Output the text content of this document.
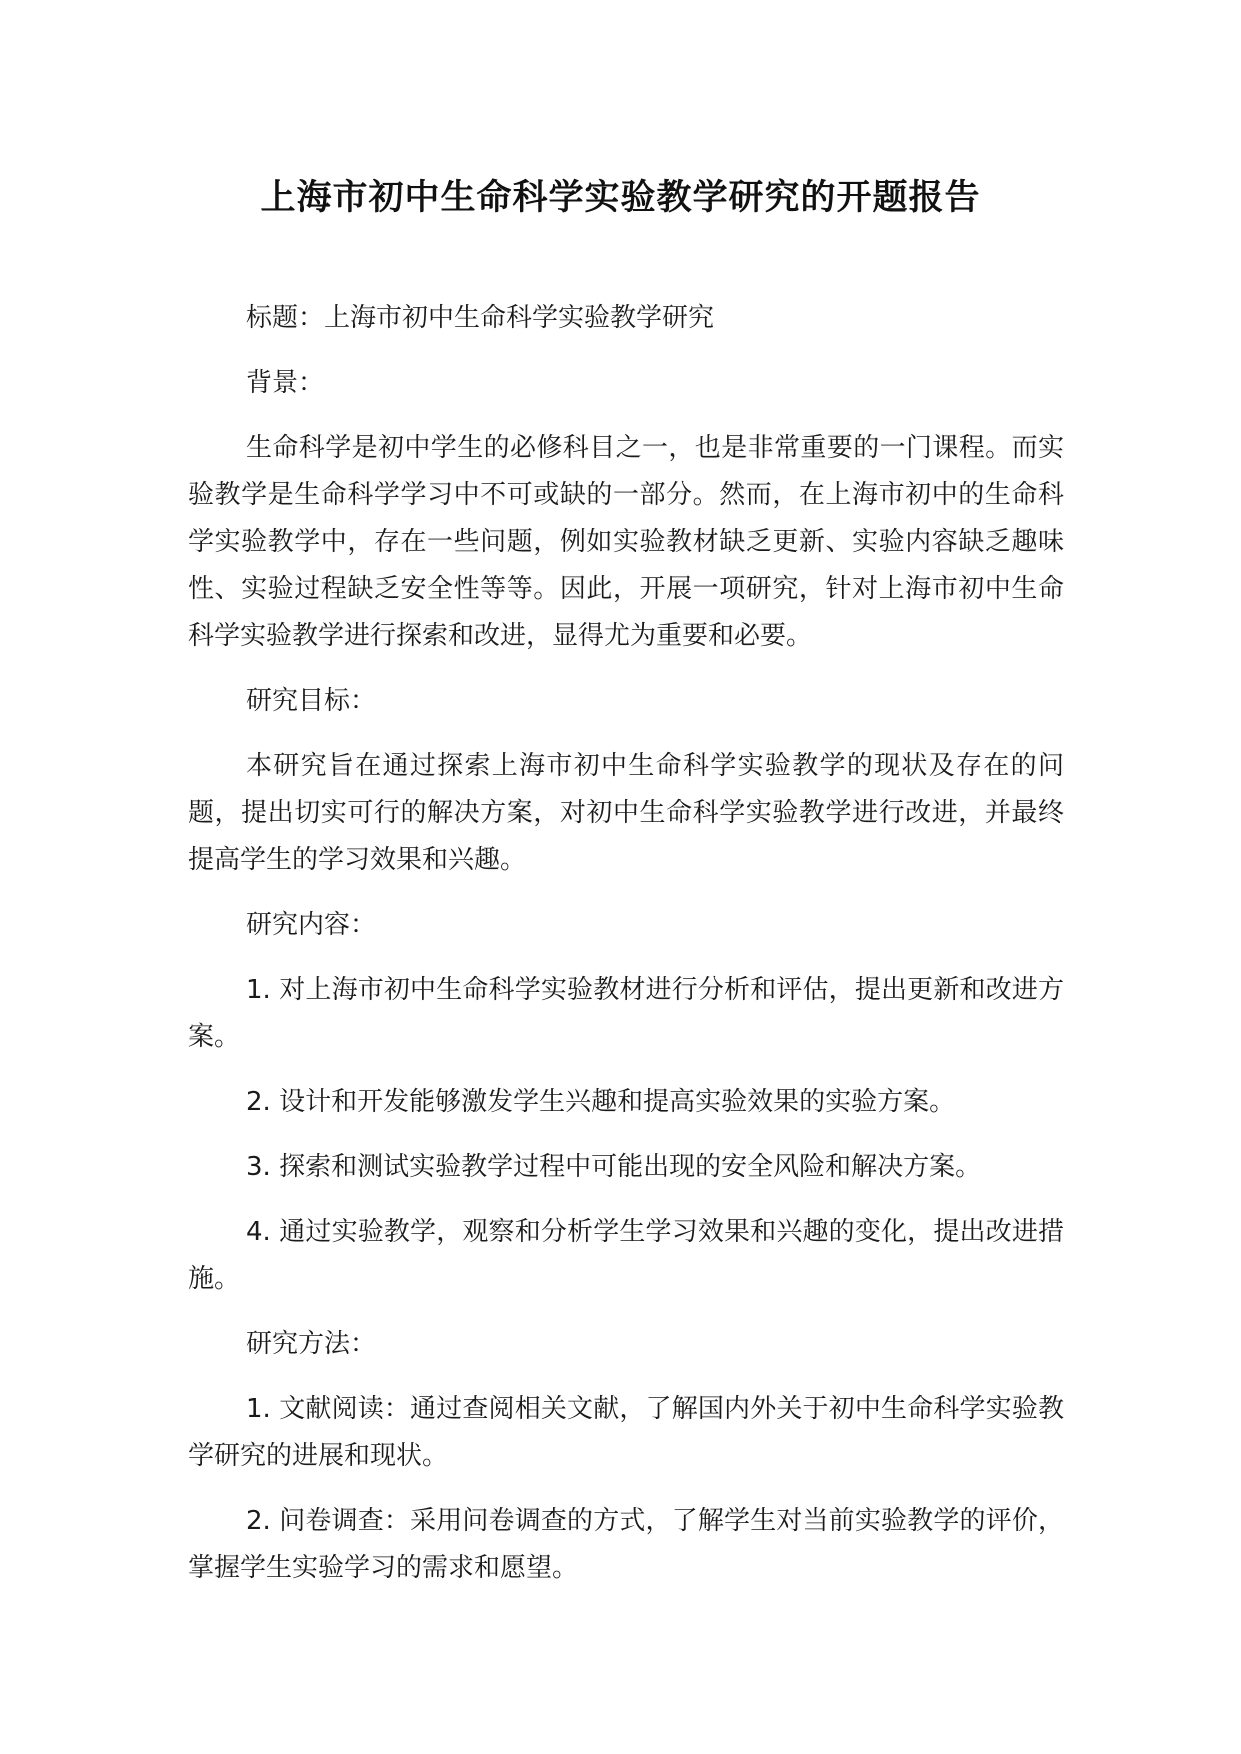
上海市初中生命科学实验教学研究的开题报告

标题：上海市初中生命科学实验教学研究

背景：

生命科学是初中学生的必修科目之一，也是非常重要的一门课程。而实验教学是生命科学学习中不可或缺的一部分。然而，在上海市初中的生命科学实验教学中，存在一些问题，例如实验教材缺乏更新、实验内容缺乏趣味性、实验过程缺乏安全性等等。因此，开展一项研究，针对上海市初中生命科学实验教学进行探索和改进，显得尤为重要和必要。

研究目标：

本研究旨在通过探索上海市初中生命科学实验教学的现状及存在的问题，提出切实可行的解决方案，对初中生命科学实验教学进行改进，并最终提高学生的学习效果和兴趣。

研究内容：

1. 对上海市初中生命科学实验教材进行分析和评估，提出更新和改进方案。

2. 设计和开发能够激发学生兴趣和提高实验效果的实验方案。

3. 探索和测试实验教学过程中可能出现的安全风险和解决方案。

4. 通过实验教学，观察和分析学生学习效果和兴趣的变化，提出改进措施。

研究方法：

1. 文献阅读：通过查阅相关文献，了解国内外关于初中生命科学实验教学研究的进展和现状。

2. 问卷调查：采用问卷调查的方式，了解学生对当前实验教学的评价，掌握学生实验学习的需求和愿望。
